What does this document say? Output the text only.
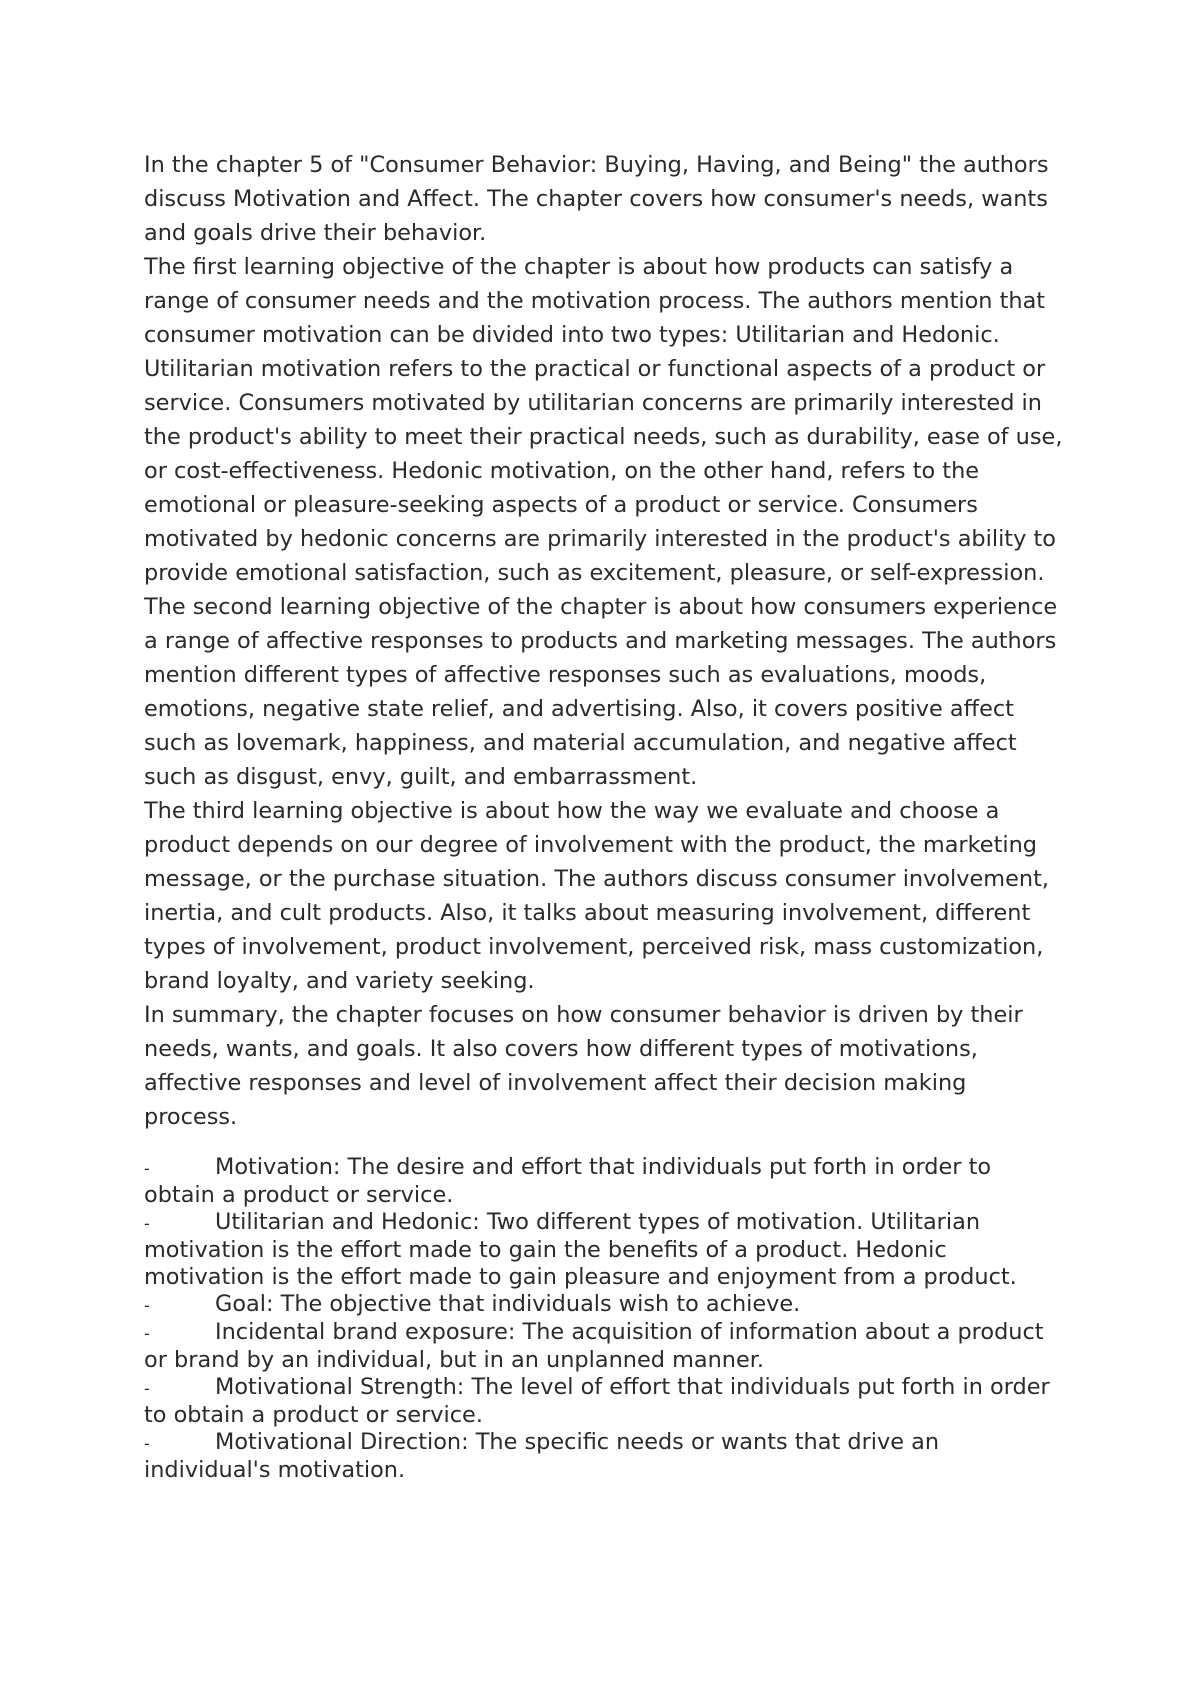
In the chapter 5 of "Consumer Behavior: Buying, Having, and Being" the authors discuss Motivation and Affect. The chapter covers how consumer's needs, wants and goals drive their behavior.

The first learning objective of the chapter is about how products can satisfy a range of consumer needs and the motivation process. The authors mention that consumer motivation can be divided into two types: Utilitarian and Hedonic. Utilitarian motivation refers to the practical or functional aspects of a product or service. Consumers motivated by utilitarian concerns are primarily interested in the product's ability to meet their practical needs, such as durability, ease of use, or cost-effectiveness. Hedonic motivation, on the other hand, refers to the emotional or pleasure-seeking aspects of a product or service. Consumers motivated by hedonic concerns are primarily interested in the product's ability to provide emotional satisfaction, such as excitement, pleasure, or self-expression.

The second learning objective of the chapter is about how consumers experience a range of affective responses to products and marketing messages. The authors mention different types of affective responses such as evaluations, moods, emotions, negative state relief, and advertising. Also, it covers positive affect such as lovemark, happiness, and material accumulation, and negative affect such as disgust, envy, guilt, and embarrassment.

The third learning objective is about how the way we evaluate and choose a product depends on our degree of involvement with the product, the marketing message, or the purchase situation. The authors discuss consumer involvement, inertia, and cult products. Also, it talks about measuring involvement, different types of involvement, product involvement, perceived risk, mass customization, brand loyalty, and variety seeking.

In summary, the chapter focuses on how consumer behavior is driven by their needs, wants, and goals. It also covers how different types of motivations, affective responses and level of involvement affect their decision making process.

-	Motivation: The desire and effort that individuals put forth in order to obtain a product or service.

-	Utilitarian and Hedonic: Two different types of motivation. Utilitarian motivation is the effort made to gain the benefits of a product. Hedonic motivation is the effort made to gain pleasure and enjoyment from a product.

-	Goal: The objective that individuals wish to achieve.

-	Incidental brand exposure: The acquisition of information about a product or brand by an individual, but in an unplanned manner.

-	Motivational Strength: The level of effort that individuals put forth in order to obtain a product or service.

-	Motivational Direction: The specific needs or wants that drive an individual's motivation.
